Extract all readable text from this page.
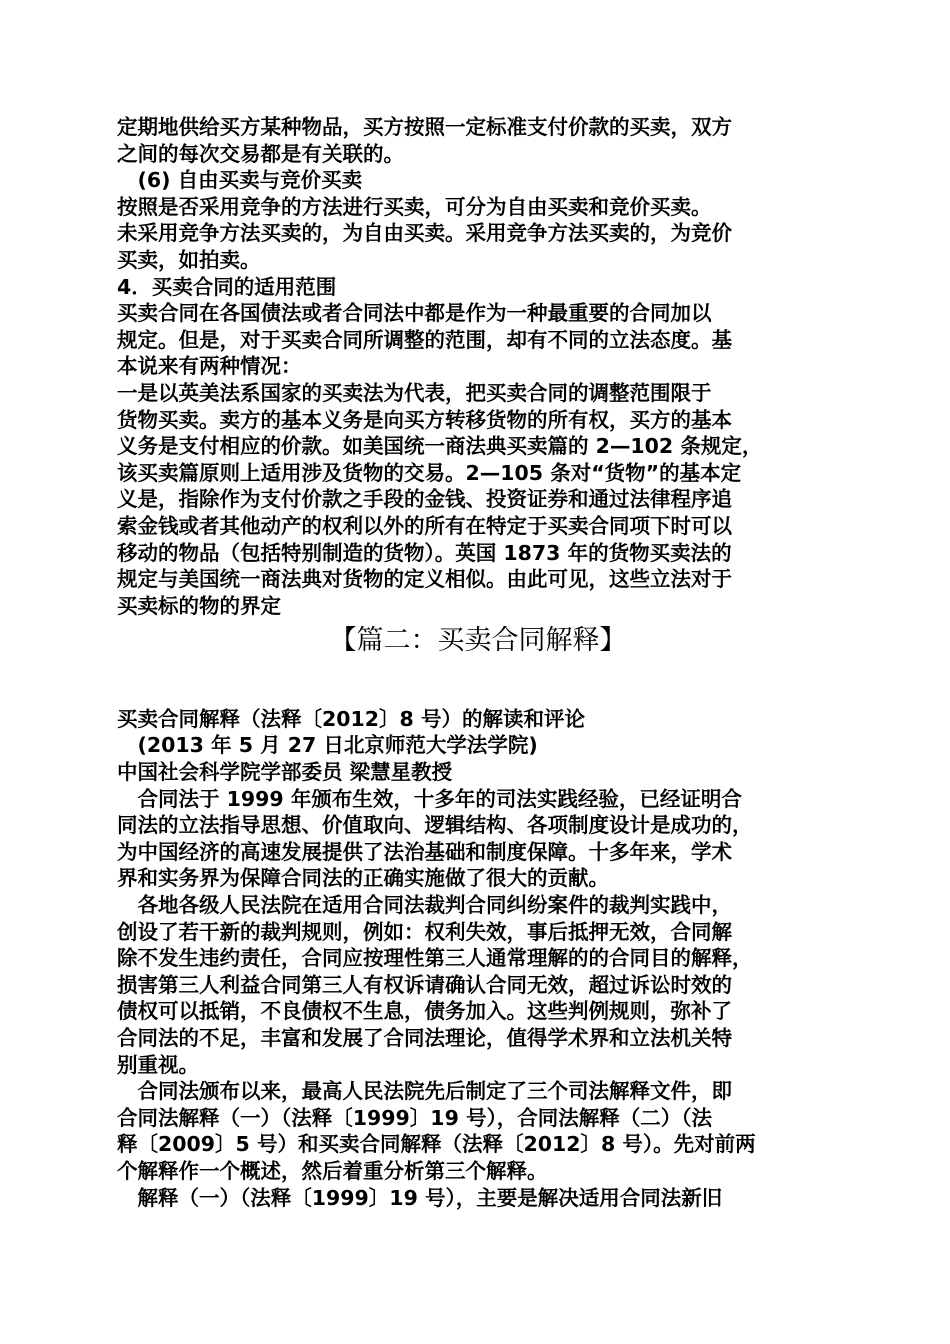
定期地供给买方某种物品，买方按照一定标准支付价款的买卖，双方
之间的每次交易都是有关联的。
　(6) 自由买卖与竞价买卖
按照是否采用竞争的方法进行买卖，可分为自由买卖和竞价买卖。
未采用竞争方法买卖的，为自由买卖。采用竞争方法买卖的，为竞价
买卖，如拍卖。
4．买卖合同的适用范围
买卖合同在各国债法或者合同法中都是作为一种最重要的合同加以
规定。但是，对于买卖合同所调整的范围，却有不同的立法态度。基
本说来有两种情况：
一是以英美法系国家的买卖法为代表，把买卖合同的调整范围限于
货物买卖。卖方的基本义务是向买方转移货物的所有权，买方的基本
义务是支付相应的价款。如美国统一商法典买卖篇的 2—102 条规定，
该买卖篇原则上适用涉及货物的交易。2—105 条对“货物”的基本定
义是，指除作为支付价款之手段的金钱、投资证券和通过法律程序追
索金钱或者其他动产的权利以外的所有在特定于买卖合同项下时可以
移动的物品（包括特别制造的货物）。英国 1873 年的货物买卖法的
规定与美国统一商法典对货物的定义相似。由此可见，这些立法对于
买卖标的物的界定
【篇二：买卖合同解释】
买卖合同解释（法释〔2012〕8 号）的解读和评论
　(2013 年 5 月 27 日北京师范大学法学院)
中国社会科学院学部委员 梁慧星教授
　合同法于 1999 年颁布生效，十多年的司法实践经验，已经证明合
同法的立法指导思想、价值取向、逻辑结构、各项制度设计是成功的，
为中国经济的高速发展提供了法治基础和制度保障。十多年来，学术
界和实务界为保障合同法的正确实施做了很大的贡献。
　各地各级人民法院在适用合同法裁判合同纠纷案件的裁判实践中，
创设了若干新的裁判规则，例如：权利失效，事后抵押无效，合同解
除不发生违约责任，合同应按理性第三人通常理解的的合同目的解释，
损害第三人利益合同第三人有权诉请确认合同无效，超过诉讼时效的
债权可以抵销，不良债权不生息，债务加入。这些判例规则，弥补了
合同法的不足，丰富和发展了合同法理论，值得学术界和立法机关特
别重视。
　合同法颁布以来，最高人民法院先后制定了三个司法解释文件，即
合同法解释（一）（法释〔1999〕19 号），合同法解释（二）（法
释〔2009〕5 号）和买卖合同解释（法释〔2012〕8 号）。先对前两
个解释作一个概述，然后着重分析第三个解释。
　解释（一）（法释〔1999〕19 号），主要是解决适用合同法新旧
